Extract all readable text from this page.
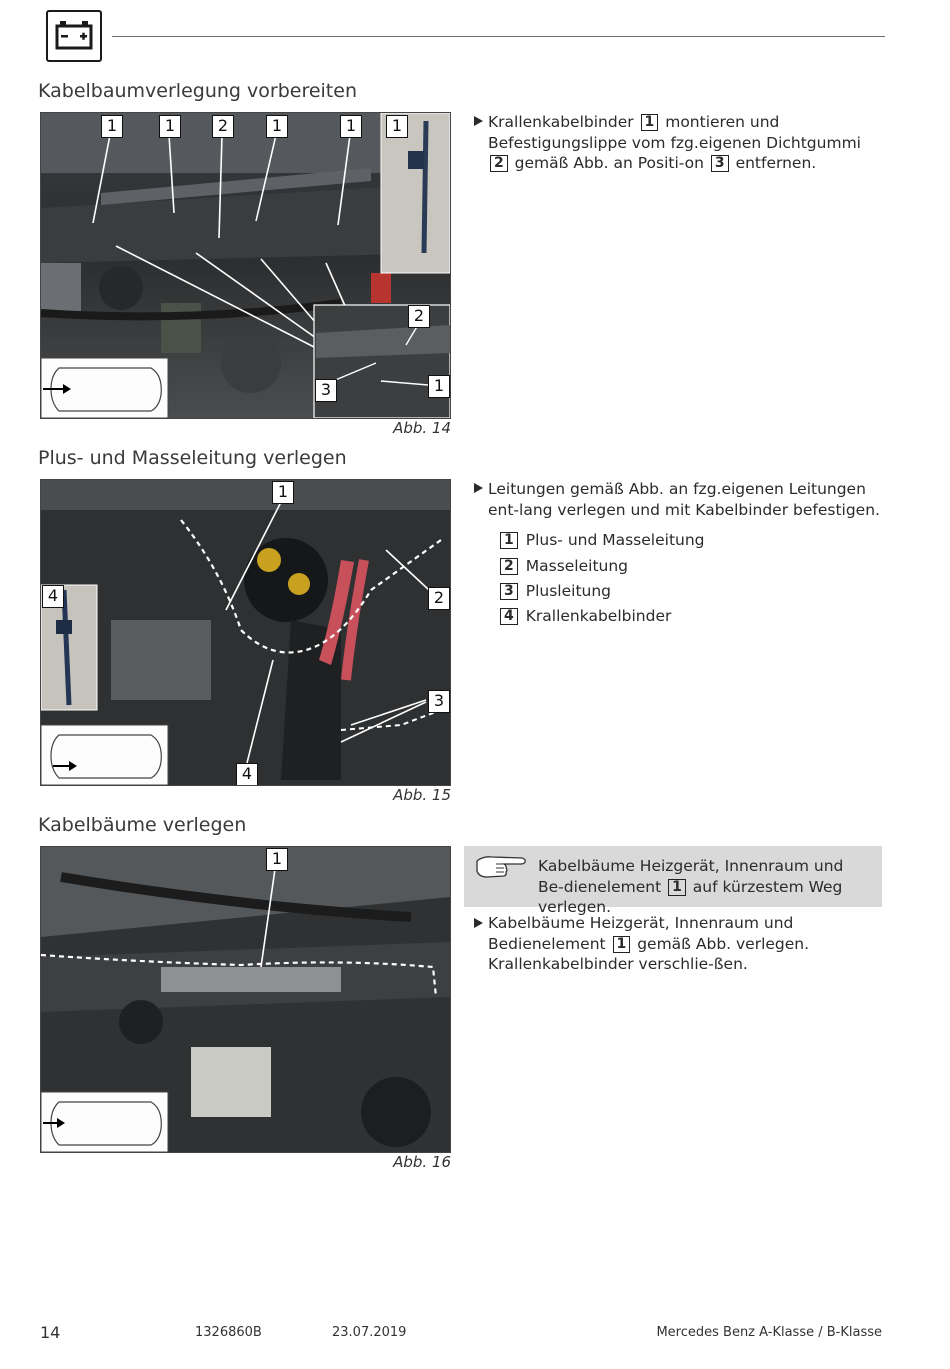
Kabelbaumverlegung vorbereiten
1	1	2	1	1	1
2
3	1
Abb. 14
Krallenkabelbinder 1 montieren und Befestigungslippe vom fzg.eigenen Dichtgummi 2 gemäß Abb. an Positi-on 3 entfernen.
Plus- und Masseleitung verlegen
1
4	2
3
4
Abb. 15
Leitungen gemäß Abb. an fzg.eigenen Leitungen ent-lang verlegen und mit Kabelbinder befestigen.
1 Plus- und Masseleitung
2 Masseleitung
3 Plusleitung
4 Krallenkabelbinder
Kabelbäume verlegen
1
Abb. 16
Kabelbäume Heizgerät, Innenraum und Be-dienelement 1 auf kürzestem Weg verlegen.
Kabelbäume Heizgerät, Innenraum und Bedienelement 1 gemäß Abb. verlegen. Krallenkabelbinder verschlie-ßen.
14	1326860B	23.07.2019	Mercedes Benz A-Klasse / B-Klasse
